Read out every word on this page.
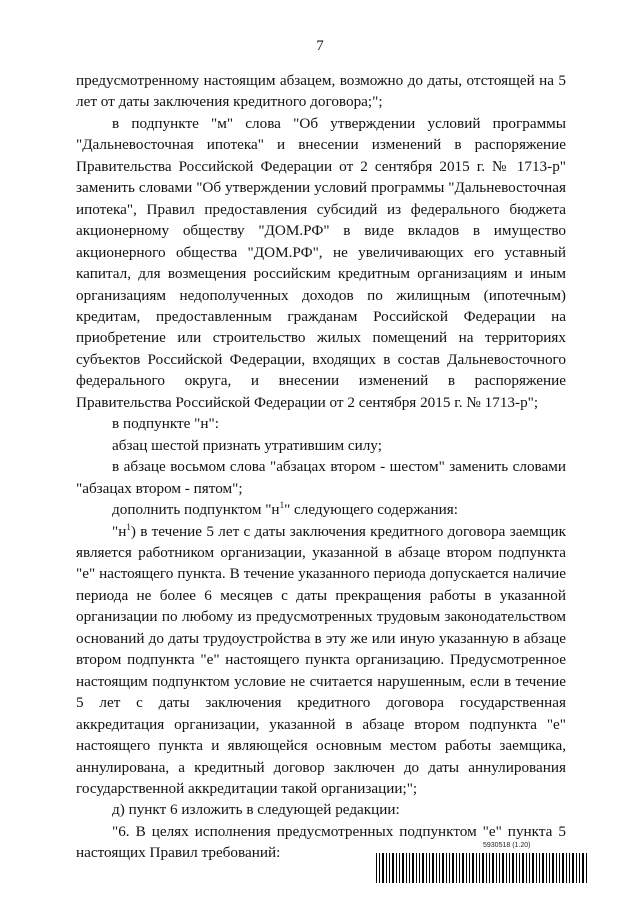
7

предусмотренному настоящим абзацем, возможно до даты, отстоящей на 5 лет от даты заключения кредитного договора;";

в подпункте "м" слова "Об утверждении условий программы "Дальневосточная ипотека" и внесении изменений в распоряжение Правительства Российской Федерации от 2 сентября 2015 г. № 1713-р" заменить словами "Об утверждении условий программы "Дальневосточная ипотека", Правил предоставления субсидий из федерального бюджета акционерному обществу "ДОМ.РФ" в виде вкладов в имущество акционерного общества "ДОМ.РФ", не увеличивающих его уставный капитал, для возмещения российским кредитным организациям и иным организациям недополученных доходов по жилищным (ипотечным) кредитам, предоставленным гражданам Российской Федерации на приобретение или строительство жилых помещений на территориях субъектов Российской Федерации, входящих в состав Дальневосточного федерального округа, и внесении изменений в распоряжение Правительства Российской Федерации от 2 сентября 2015 г. № 1713-р";

в подпункте "н":

абзац шестой признать утратившим силу;

в абзаце восьмом слова "абзацах втором - шестом" заменить словами "абзацах втором - пятом";

дополнить подпунктом "$н^1$" следующего содержания:

"$н^1$) в течение 5 лет с даты заключения кредитного договора заемщик является работником организации, указанной в абзаце втором подпункта "е" настоящего пункта. В течение указанного периода допускается наличие периода не более 6 месяцев с даты прекращения работы в указанной организации по любому из предусмотренных трудовым законодательством оснований до даты трудоустройства в эту же или иную указанную в абзаце втором подпункта "е" настоящего пункта организацию. Предусмотренное настоящим подпунктом условие не считается нарушенным, если в течение 5 лет с даты заключения кредитного договора государственная аккредитация организации, указанной в абзаце втором подпункта "е" настоящего пункта и являющейся основным местом работы заемщика, аннулирована, а кредитный договор заключен до даты аннулирования государственной аккредитации такой организации;";

д) пункт 6 изложить в следующей редакции:

"6. В целях исполнения предусмотренных подпунктом "е" пункта 5 настоящих Правил требований:	5930518 (1.20)
